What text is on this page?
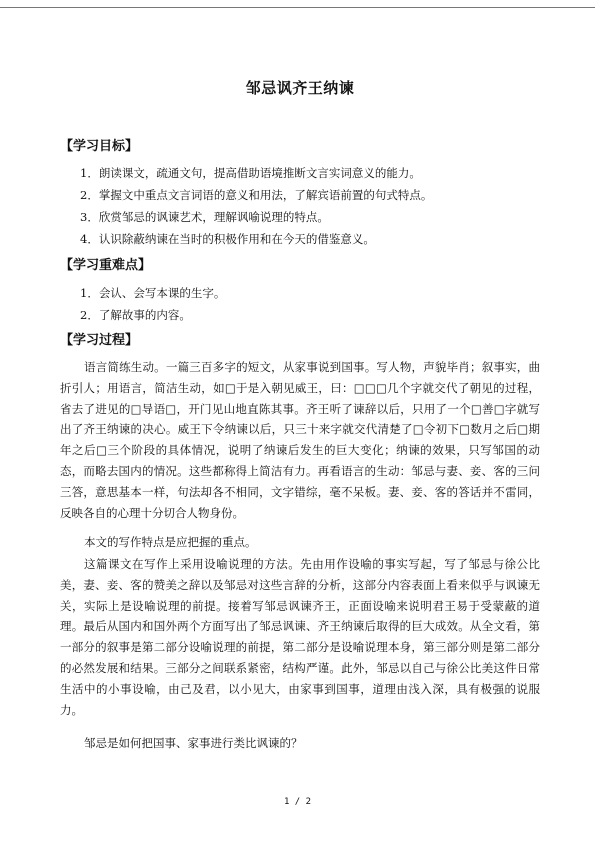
邹忌讽齐王纳谏
【学习目标】
1．朗读课文，疏通文句，提高借助语境推断文言实词意义的能力。
2．掌握文中重点文言词语的意义和用法，了解宾语前置的句式特点。
3．欣赏邹忌的讽谏艺术，理解讽喻说理的特点。
4．认识除蔽纳谏在当时的积极作用和在今天的借鉴意义。
【学习重难点】
1．会认、会写本课的生字。
2．了解故事的内容。
【学习过程】

语言简练生动。一篇三百多字的短文，从家事说到国事。写人物，声貌毕肖；叙事实，曲折引人；用语言，简洁生动，如□于是入朝见威王，曰：□□□几个字就交代了朝见的过程，省去了进见的□导语□，开门见山地直陈其事。齐王听了谏辞以后，只用了一个□善□字就写出了齐王纳谏的决心。威王下令纳谏以后，只三十来字就交代清楚了□令初下□数月之后□期年之后□三个阶段的具体情况，说明了纳谏后发生的巨大变化；纳谏的效果，只写邹国的动态，而略去国内的情况。这些都称得上简洁有力。再看语言的生动：邹忌与妻、妾、客的三问三答，意思基本一样，句法却各不相同，文字错综，毫不呆板。妻、妾、客的答话并不雷同，反映各自的心理十分切合人物身份。

本文的写作特点是应把握的重点。

这篇课文在写作上采用设喻说理的方法。先由用作设喻的事实写起，写了邹忌与徐公比美，妻、妾、客的赞美之辞以及邹忌对这些言辞的分析，这部分内容表面上看来似乎与讽谏无关，实际上是设喻说理的前提。接着写邹忌讽谏齐王，正面设喻来说明君王易于受蒙蔽的道理。最后从国内和国外两个方面写出了邹忌讽谏、齐王纳谏后取得的巨大成效。从全文看，第一部分的叙事是第二部分设喻说理的前提，第二部分是设喻说理本身，第三部分则是第二部分的必然发展和结果。三部分之间联系紧密，结构严谨。此外，邹忌以自己与徐公比美这件日常生活中的小事设喻，由己及君，以小见大，由家事到国事，道理由浅入深，具有极强的说服力。

邹忌是如何把国事、家事进行类比讽谏的？

1 / 2
